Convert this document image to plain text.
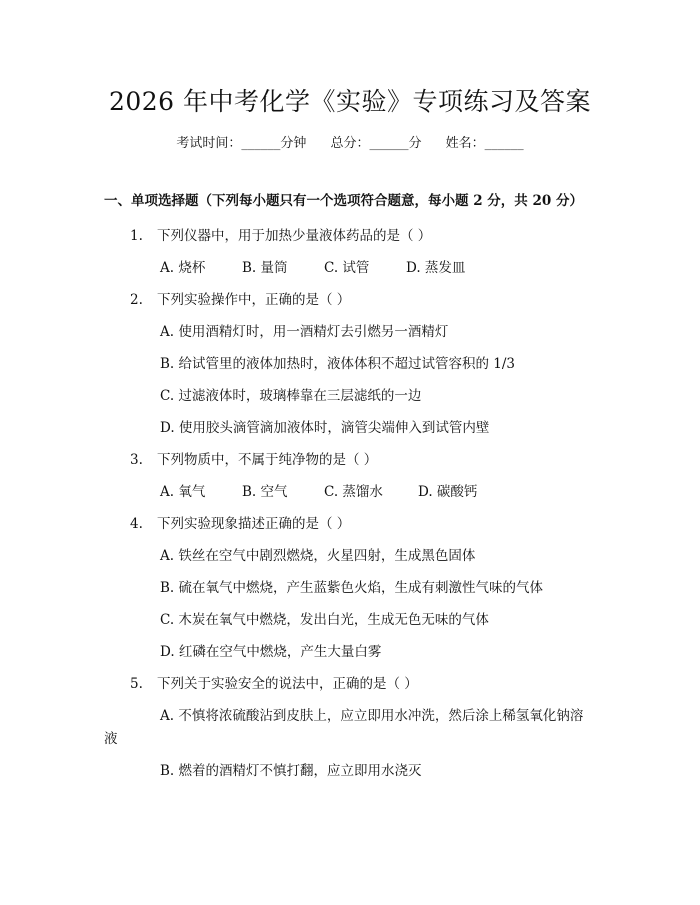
2026 年中考化学《实验》专项练习及答案
考试时间：______分钟 总分：______分 姓名：______
一、单项选择题（下列每小题只有一个选项符合题意，每小题 2 分，共 20 分）
1. 下列仪器中，用于加热少量液体药品的是（ ）
A. 烧杯	B. 量筒	C. 试管	D. 蒸发皿
2. 下列实验操作中，正确的是（ ）
A. 使用酒精灯时，用一酒精灯去引燃另一酒精灯
B. 给试管里的液体加热时，液体体积不超过试管容积的 1/3
C. 过滤液体时，玻璃棒靠在三层滤纸的一边
D. 使用胶头滴管滴加液体时，滴管尖端伸入到试管内壁
3. 下列物质中，不属于纯净物的是（ ）
A. 氧气	B. 空气	C. 蒸馏水	D. 碳酸钙
4. 下列实验现象描述正确的是（ ）
A. 铁丝在空气中剧烈燃烧，火星四射，生成黑色固体
B. 硫在氧气中燃烧，产生蓝紫色火焰，生成有刺激性气味的气体
C. 木炭在氧气中燃烧，发出白光，生成无色无味的气体
D. 红磷在空气中燃烧，产生大量白雾
5. 下列关于实验安全的说法中，正确的是（ ）
A. 不慎将浓硫酸沾到皮肤上，应立即用水冲洗，然后涂上稀氢氧化钠溶
液
B. 燃着的酒精灯不慎打翻，应立即用水浇灭
